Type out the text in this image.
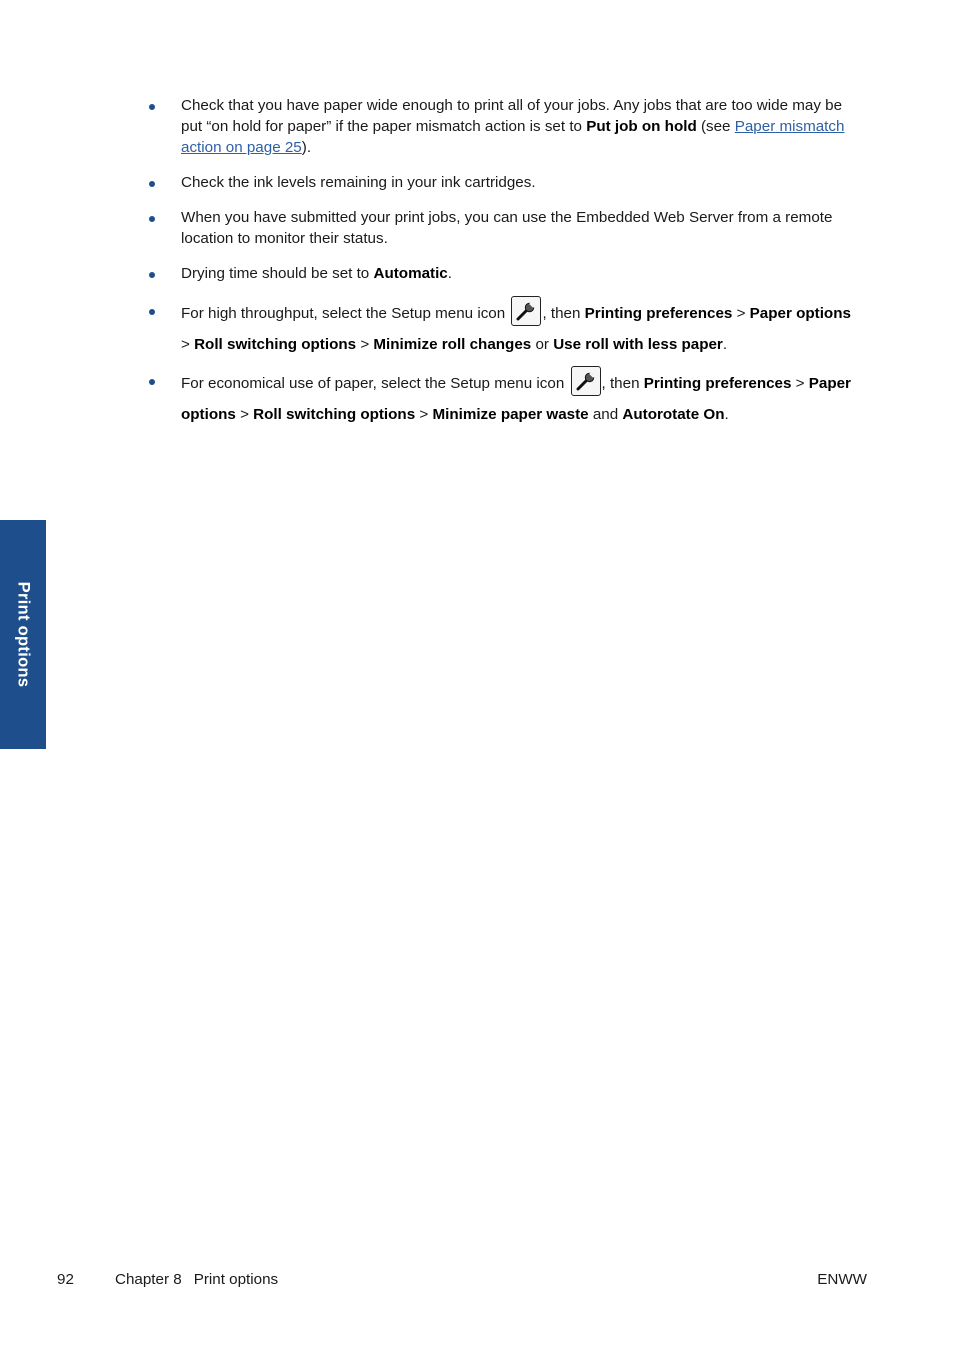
Print options
Check that you have paper wide enough to print all of your jobs. Any jobs that are too wide may be put “on hold for paper” if the paper mismatch action is set to Put job on hold (see Paper mismatch action on page 25).
Check the ink levels remaining in your ink cartridges.
When you have submitted your print jobs, you can use the Embedded Web Server from a remote location to monitor their status.
Drying time should be set to Automatic.
For high throughput, select the Setup menu icon
, then Printing preferences > Paper options > Roll switching options > Minimize roll changes or Use roll with less paper.
For economical use of paper, select the Setup menu icon
, then Printing preferences > Paper options > Roll switching options > Minimize paper waste and Autorotate On.
92	Chapter 8 Print options	ENWW
